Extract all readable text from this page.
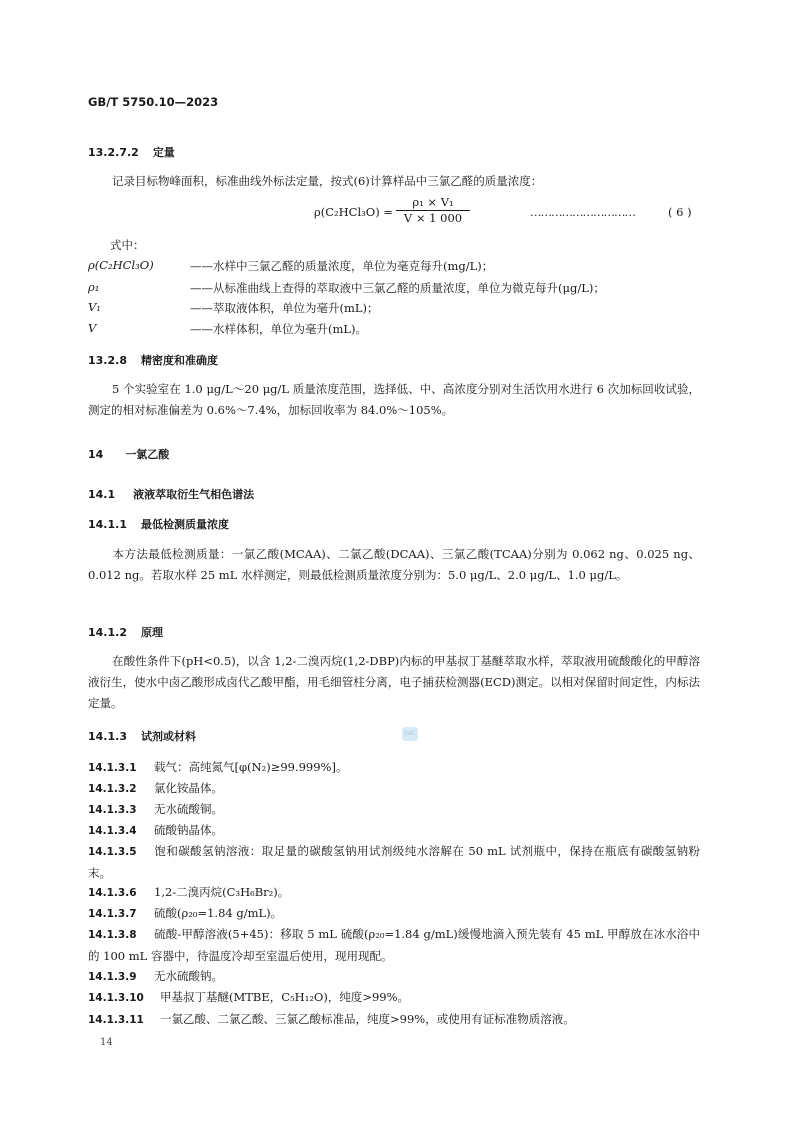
GB/T 5750.10—2023
13.2.7.2 定量
记录目标物峰面积，标准曲线外标法定量，按式(6)计算样品中三氯乙醛的质量浓度：
$\rho(C_2HCl_3O) = \frac{\text{ρ₁ × V₁}}{V \times 1 000}$	…………………………	( 6 )
式中：
ρ(C₂HCl₃O)	——水样中三氯乙醛的质量浓度，单位为毫克每升(mg/L)；
ρ₁	——从标准曲线上查得的萃取液中三氯乙醛的质量浓度，单位为微克每升(μg/L)；
V₁	——萃取液体积，单位为毫升(mL)；
V	——水样体积，单位为毫升(mL)。
13.2.8 精密度和准确度
5 个实验室在 1.0 μg/L～20 μg/L 质量浓度范围，选择低、中、高浓度分别对生活饮用水进行 6 次加标回收试验，测定的相对标准偏差为 0.6%～7.4%，加标回收率为 84.0%～105%。
14 一氯乙酸
14.1 液液萃取衍生气相色谱法
14.1.1 最低检测质量浓度
本方法最低检测质量：一氯乙酸(MCAA)、二氯乙酸(DCAA)、三氯乙酸(TCAA)分别为 0.062 ng、0.025 ng、0.012 ng。若取水样 25 mL 水样测定，则最低检测质量浓度分别为：5.0 μg/L、2.0 μg/L、1.0 μg/L。
14.1.2 原理
在酸性条件下(pH<0.5)，以含 1,2-二溴丙烷(1,2-DBP)内标的甲基叔丁基醚萃取水样，萃取液用硫酸酸化的甲醇溶液衍生，使水中卤乙酸形成卤代乙酸甲酯，用毛细管柱分离，电子捕获检测器(ECD)测定。以相对保留时间定性，内标法定量。
14.1.3 试剂或材料	SAC
14.1.3.1 载气：高纯氮气[φ(N₂)≥99.999%]。
14.1.3.2 氯化铵晶体。
14.1.3.3 无水硫酸铜。
14.1.3.4 硫酸钠晶体。
14.1.3.5 饱和碳酸氢钠溶液：取足量的碳酸氢钠用试剂级纯水溶解在 50 mL 试剂瓶中，保持在瓶底有碳酸氢钠粉末。
14.1.3.6 1,2-二溴丙烷(C₃H₆Br₂)。
14.1.3.7 硫酸(ρ₂₀=1.84 g/mL)。
14.1.3.8 硫酸-甲醇溶液(5+45)：移取 5 mL 硫酸(ρ₂₀=1.84 g/mL)缓慢地滴入预先装有 45 mL 甲醇放在冰水浴中的 100 mL 容器中，待温度冷却至室温后使用，现用现配。
14.1.3.9 无水硫酸钠。
14.1.3.10 甲基叔丁基醚(MTBE，C₅H₁₂O)，纯度>99%。
14.1.3.11 一氯乙酸、二氯乙酸、三氯乙酸标准品，纯度>99%，或使用有证标准物质溶液。
14
